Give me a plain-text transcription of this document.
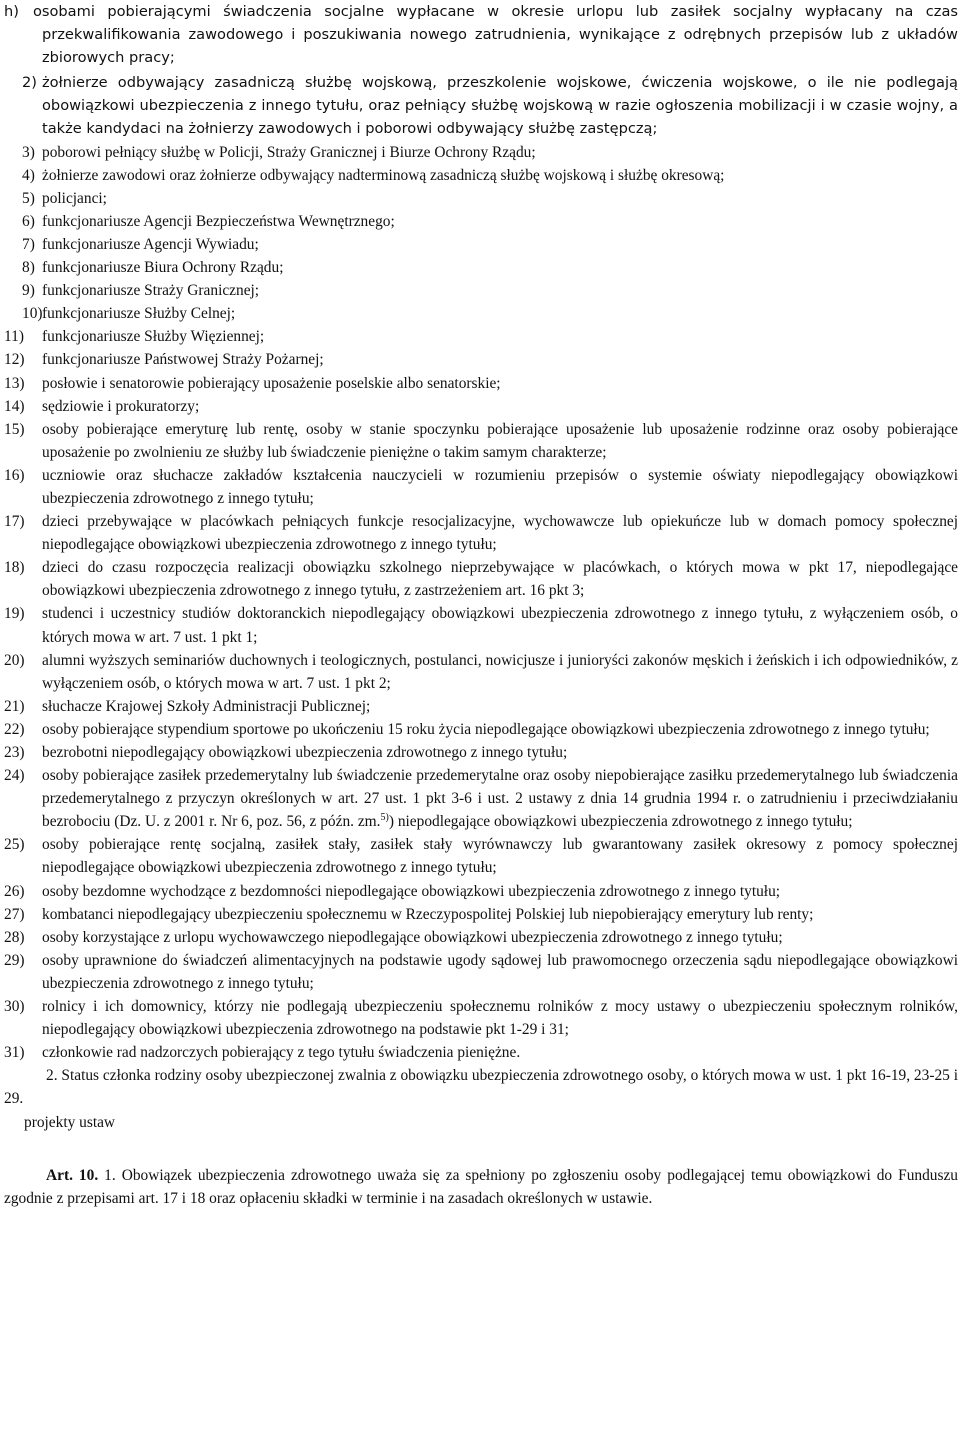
h) osobami pobierającymi świadczenia socjalne wypłacane w okresie urlopu lub zasiłek socjalny wypłacany na czas przekwalifikowania zawodowego i poszukiwania nowego zatrudnienia, wynikające z odrębnych przepisów lub z układów zbiorowych pracy;

2) żołnierze odbywający zasadniczą służbę wojskową, przeszkolenie wojskowe, ćwiczenia wojskowe, o ile nie podlegają obowiązkowi ubezpieczenia z innego tytułu, oraz pełniący służbę wojskową w razie ogłoszenia mobilizacji i w czasie wojny, a także kandydaci na żołnierzy zawodowych i poborowi odbywający służbę zastępczą;
3) poborowi pełniący służbę w Policji, Straży Granicznej i Biurze Ochrony Rządu;
4) żołnierze zawodowi oraz żołnierze odbywający nadterminową zasadniczą służbę wojskową i służbę okresową;
5) policjanci;
6) funkcjonariusze Agencji Bezpieczeństwa Wewnętrznego;
7) funkcjonariusze Agencji Wywiadu;
8) funkcjonariusze Biura Ochrony Rządu;
9) funkcjonariusze Straży Granicznej;
10) funkcjonariusze Służby Celnej;
11)	funkcjonariusze Służby Więziennej;
12)	funkcjonariusze Państwowej Straży Pożarnej;
13)	posłowie i senatorowie pobierający uposażenie poselskie albo senatorskie;
14)	sędziowie i prokuratorzy;
15)	osoby pobierające emeryturę lub rentę, osoby w stanie spoczynku pobierające uposażenie lub uposażenie rodzinne oraz osoby pobierające uposażenie po zwolnieniu ze służby lub świadczenie pieniężne o takim samym charakterze;
16)	uczniowie oraz słuchacze zakładów kształcenia nauczycieli w rozumieniu przepisów o systemie oświaty niepodlegający obowiązkowi ubezpieczenia zdrowotnego z innego tytułu;
17)	dzieci przebywające w placówkach pełniących funkcje resocjalizacyjne, wychowawcze lub opiekuńcze lub w domach pomocy społecznej niepodlegające obowiązkowi ubezpieczenia zdrowotnego z innego tytułu;
18)	dzieci do czasu rozpoczęcia realizacji obowiązku szkolnego nieprzebywające w placówkach, o których mowa w pkt 17, niepodlegające obowiązkowi ubezpieczenia zdrowotnego z innego tytułu, z zastrzeżeniem art. 16 pkt 3;
19)	studenci i uczestnicy studiów doktoranckich niepodlegający obowiązkowi ubezpieczenia zdrowotnego z innego tytułu, z wyłączeniem osób, o których mowa w art. 7 ust. 1 pkt 1;
20)	alumni wyższych seminariów duchownych i teologicznych, postulanci, nowicjusze i junioryści zakonów męskich i żeńskich i ich odpowiedników, z wyłączeniem osób, o których mowa w art. 7 ust. 1 pkt 2;
21)	słuchacze Krajowej Szkoły Administracji Publicznej;
22)	osoby pobierające stypendium sportowe po ukończeniu 15 roku życia niepodlegające obowiązkowi ubezpieczenia zdrowotnego z innego tytułu;
23)	bezrobotni niepodlegający obowiązkowi ubezpieczenia zdrowotnego z innego tytułu;
24)	osoby pobierające zasiłek przedemerytalny lub świadczenie przedemerytalne oraz osoby niepobierające zasiłku przedemerytalnego lub świadczenia przedemerytalnego z przyczyn określonych w art. 27 ust. 1 pkt 3-6 i ust. 2 ustawy z dnia 14 grudnia 1994 r. o zatrudnieniu i przeciwdziałaniu bezrobociu (Dz. U. z 2001 r. Nr 6, poz. 56, z późn. zm.$^{5)}$) niepodlegające obowiązkowi ubezpieczenia zdrowotnego z innego tytułu;
25)	osoby pobierające rentę socjalną, zasiłek stały, zasiłek stały wyrównawczy lub gwarantowany zasiłek okresowy z pomocy społecznej niepodlegające obowiązkowi ubezpieczenia zdrowotnego z innego tytułu;
26)	osoby bezdomne wychodzące z bezdomności niepodlegające obowiązkowi ubezpieczenia zdrowotnego z innego tytułu;
27)	kombatanci niepodlegający ubezpieczeniu społecznemu w Rzeczypospolitej Polskiej lub niepobierający emerytury lub renty;
28)	osoby korzystające z urlopu wychowawczego niepodlegające obowiązkowi ubezpieczenia zdrowotnego z innego tytułu;
29)	osoby uprawnione do świadczeń alimentacyjnych na podstawie ugody sądowej lub prawomocnego orzeczenia sądu niepodlegające obowiązkowi ubezpieczenia zdrowotnego z innego tytułu;
30)	rolnicy i ich domownicy, którzy nie podlegają ubezpieczeniu społecznemu rolników z mocy ustawy o ubezpieczeniu społecznym rolników, niepodlegający obowiązkowi ubezpieczenia zdrowotnego na podstawie pkt 1-29 i 31;
31)	członkowie rad nadzorczych pobierający z tego tytułu świadczenia pieniężne.

2. Status członka rodziny osoby ubezpieczonej zwalnia z obowiązku ubezpieczenia zdrowotnego osoby, o których mowa w ust. 1 pkt 16-19, 23-25 i 29.

projekty ustaw

Art. 10. 1. Obowiązek ubezpieczenia zdrowotnego uważa się za spełniony po zgłoszeniu osoby podlegającej temu obowiązkowi do Funduszu zgodnie z przepisami art. 17 i 18 oraz opłaceniu składki w terminie i na zasadach określonych w ustawie.
